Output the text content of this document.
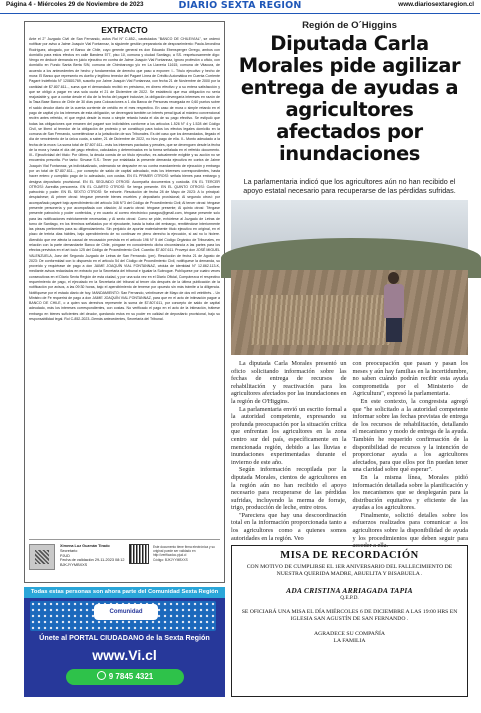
Página 4 - Miércoles 29 de Noviembre de 2023	DIARIO SEXTA REGIÓN	www.diariosextaregion.cl
EXTRACTO
Ante el 2° Juzgado Civil de San Fernando, autos Rol N° C-852-, caratulados "BANCO DE CHILE/VIAL", se ordenó notificar por aviso a Jaime Joaquín Vial Fontannaz, la siguiente gestión preparatoria de desposeimiento: Paula Arrondina Rodríguez, abogado, por el Banco de Chile, cuyo gerente general es don Eduardo Ebensperger Orrego, ambos con domicilio para estos efectos en calle Bandera 577, piso 10, comuna y ciudad Santiago, a SS. respetuosamente digo: Vengo en deducir demanda en juicio ejecutivo en contra de Jaime Joaquín Vial Fontannaz, ignoro profesión u oficio, con domicilio en Fundo Santa Berta S/N, comuna de Chimbarongo y/o en La Llavería 11615, comuna de Vitacura, de acuerdo a los antecedentes de hecho y fundamentos de derecho que paso a exponer: I.- Título ejecutivo y hecho de mora: El Banco que represento es dueño y legítimo tenedor del Pagaré Línea de Crédito Automática en Cuenta Corriente Pagaré Indefinido N° 120801769, suscrito por Jaime Joaquín Vial Fontannaz, con fecha 21 de Noviembre de 2000 por la cantidad de $7.807.611.-, suma que el demandado recibió en préstamo, en dinero efectivo y a su entera satisfacción y que se obligó a pagar en una sola cuota el 21 de Diciembre de 2022. Se estableció que esa obligación no sería reajustable y, que a contar desde el día de la fecha del pagaré inclusive, la obligación devengaría intereses en razón de la Tasa Base Banco de Chile de 30 días para Colocaciones a 1 día Banca de Personas recargada en 0,60 puntos sobre el saldo deudor diario de la cuenta corriente de crédito en el mes respectivo. En caso de mora o simple retardo en el pago de capital y/o los intereses de esta obligación, se devengará también un interés penal igual al máximo convencional recién antes referido, el que regirá desde la mora o simple retardo hasta el día de su pago efectivo. Se estipuló que todas las obligaciones que emanen del pagaré son indivisibles conforme a los artículos 1.526 N° 4 y 1.528 del Código Civil, se liberó al tenedor de la obligación de protesto y se constituyó para todos los efectos legales domicilio en la comuna de San Fernando, sometiéndose a la jurisdicción de sus Tribunales. Es del caso que los demandados, llegado el día de vencimiento de la única cuota, a saber, 21 de Diciembre de 2022, no hizo pago de ella. II.- Monto adeudado a la fecha de la mora: La suma total de $7.807.611.- más los intereses pactados y penales, que se devenguen desde la fecha de la mora y hasta el día del pago efectivo, calculados y determinados en la forma señalada en el referido documento. III.- Ejecutividad del título: Por último, la deuda consta de un título ejecutivo, es actualmente exigible y su acción no se encuentra prescrita. Por tanto: Sírvase S.S.: Tener por entablada la presente demanda ejecutiva en contra de Jaime Joaquín Vial Fontannaz, ya individualizado, ordenando se despache en su contra mandamiento de ejecución y embargo por un total de $7.807.611.-, por concepto de saldo de capital adeudado, más los intereses correspondientes, hasta hacer entero y cumplido pago de lo adeudado, con costas. EN EL PRIMER OTROSÍ: señala bienes para embargo y designa depositario provisional. EN EL SEGUNDO OTROSÍ: Acompaña documentos y custodia. EN EL TERCER OTROSÍ: Acredita personería. EN EL CUARTO OTROSÍ: Se tenga presente. EN EL QUINTO OTROSÍ: Confiere patrocinio y poder. EN EL SEXTO OTROSÍ: Se exhorte. Resolución de fecha 28 de Mayo de 2023: A lo principal: despáchese; Al primer otrosí: téngase presente bienes muebles y depositario provisional; Al segundo otrosí: por acompañado pagaré bajo apercibimiento del artículo 346 N°3 del Código de Procedimiento Civil; Al tercer otrosí: téngase presente personería y por acompañada con citación; Al cuarto otrosí: téngase presente; Al quinto otrosí: Téngase presente patrocinio y poder conferidos, y en cuanto al correo electrónico paragus@gmail.com, téngase presente solo para las notificaciones estrictamente necesarias; y Al sexto otrosí: Como se pide, exhórtese al Juzgado de Letras de turno de Santiago, en los términos señalados por el ejecutante, hasta la traba del embargo, remitiéndose interiormente las piezas pertinentes para su diligenciamiento. Sin perjuicio de aportar materialmente título ejecutivo en original, en el plazo de treinta días hábiles, bajo apercibimiento de no continuar en pleno derecho la ejecución, si así no lo hiciere. Atendido que me afecta la causal de recusación prevista en el artículo 196 N° 5 del Código Orgánico de Tribunales, en relación con la parte demandante Banco de Chile, póngase en conocimiento dicha circunstancia a las partes para los efectos previstos en el art ículo 125 del Código de Procedimiento Civil. Cuantía: $7.807.611. Proveyó don JOSÉ MIGUEL VALENZUELA, Juez del Segundo Juzgado de Letras de San Fernando. (pm). Resolución de fecha 21 de Agosto de 2023: De conformidad con lo dispuesto en el artículo 54 del Código de Procedimiento Civil, notifíquese la demanda, su proveído y requiérase de pago a don JAIME JOAQUÍN VIAL FONTANNAZ, cédula de identidad N° 12.862.113-K, mediante avisos redactados en extracto por la Secretaria del tribunal e igualar la Subrogue. Publíquese por cuatro veces consecutivas en el Diario Sexta Región de esta ciudad, y por una sola vez en el Diario Oficial, Compárezca el respectivo requerimiento de pago, el ejecutado en la Secretaría del tribunal al tercer día después de la última publicación de la notificación por avisos, a las 09:30 horas, bajo el apercibimiento de tenerse por opuesto sin más trámite a la diligencia. Notifíquese por el estado diario de hoy. MANDAMIENTO: San Fernando, veintinueve de Mayo de dos mil veintitrés. - Un Ministro de Fe requerirá de pago a don JAIME JOAQUÍN VIAL FONTANNAZ, para que en el acto de intimación pague a BANCO DE CHILE, o a quien sus derechos represente la suma de $7.807.611, por concepto de saldo de capital adeudado, más los intereses correspondientes, con costas. No verificado el pago en el acto de la intimación, trábese embargo en bienes suficientes del deudor, quedando estos en su poder en calidad de depositario provisional, bajo su responsabilidad legal. Rol C-852-2023.-Demás antecedentes, Secretaría del Tribunal.
Ximena Luz Guzmán Tirado
Secretario
PJUD
Fecha de validación 29-11-2023 08:12
BJKJYYMBXXS
Este documento tiene firma electrónica y su original puede ser validado en http://verificadoc.pjud.cl
Código: BJKJYYMBXXS
Todas estas personas son ahora parte del Comunidad Sexta Región
Comunidad
Únete al PORTAL CIUDADANO de la Sexta Región
www.Vi.cl
9 7845 4321
Región de O´Higgins
Diputada Carla Morales pide agilizar entrega de ayudas a agricultores afectados por inundaciones
La parlamentaria indicó que los agricultores aún no han recibido el apoyo estatal necesario para recuperarse de las pérdidas sufridas.

La diputada Carla Morales presentó un oficio solicitando información sobre las fechas de entrega de recursos de rehabilitación y reactivación para los agricultores afectados por las inundaciones en la región de O'Higgins.

La parlamentaria envió un escrito formal a la autoridad competente, expresando su profunda preocupación por la situación crítica que enfrentan los agricultores en la zona centro sur del país, específicamente en la mencionada región, debido a las lluvias e inundaciones experimentadas durante el invierno de este año.

Según información recopilada por la diputada Morales, cientos de agricultores en la región aún no han recibido el apoyo necesario para recuperarse de las pérdidas sufridas, incluyendo la merma de forraje, trigo, producción de leche, entre otros.

"Pareciera que hay una descoordinación total en la información proporcionada tanto a los agricultores como a quienes somos autoridades en la región. Veo

con preocupación que pasan y pasan los meses y aún hay familias en la incertidumbre, no saben cuándo podrán recibir esta ayuda comprometida por el Ministerio de Agricultura", expresó la parlamentaria.

En este contexto, la congresista agregó que "he solicitado a la autoridad competente informar sobre las fechas previstas de entrega de los recursos de rehabilitación, detallando el mecanismo y modo de entrega de la ayuda. También he requerido confirmación de la disponibilidad de recursos y la intención de proporcionar ayuda a los agricultores afectados, para que ellos por fin puedan tener una claridad sobre qué esperar".

En la misma línea, Morales pidió información detallada sobre la planificación y los mecanismos que se desplegarán para la distribución equitativa y eficiente de las ayudas a los agricultores.

Finalmente, solicitó detalles sobre los esfuerzos realizados para comunicar a los agricultores sobre la disponibilidad de ayuda y los procedimientos que deben seguir para acceder a ella.

MISA DE RECORDACIÓN
CON MOTIVO DE CUMPLIRSE EL 1ER ANIVERSARIO DEL FALLECIMIENTO DE NUESTRA QUERIDA MADRE, ABUELITA Y BISABUELA .
ADA CRISTINA ARRIAGADA TAPIA
Q.E.P.D.
SE OFICIARÁ UNA MISA EL DÍA MIÉRCOLES 6 DE DICIEMBRE A LAS 19:00 HRS EN IGLESIA SAN AGUSTÍN DE SAN FERNANDO .
AGRADECE SU COMPAÑÍA
LA FAMILIA
